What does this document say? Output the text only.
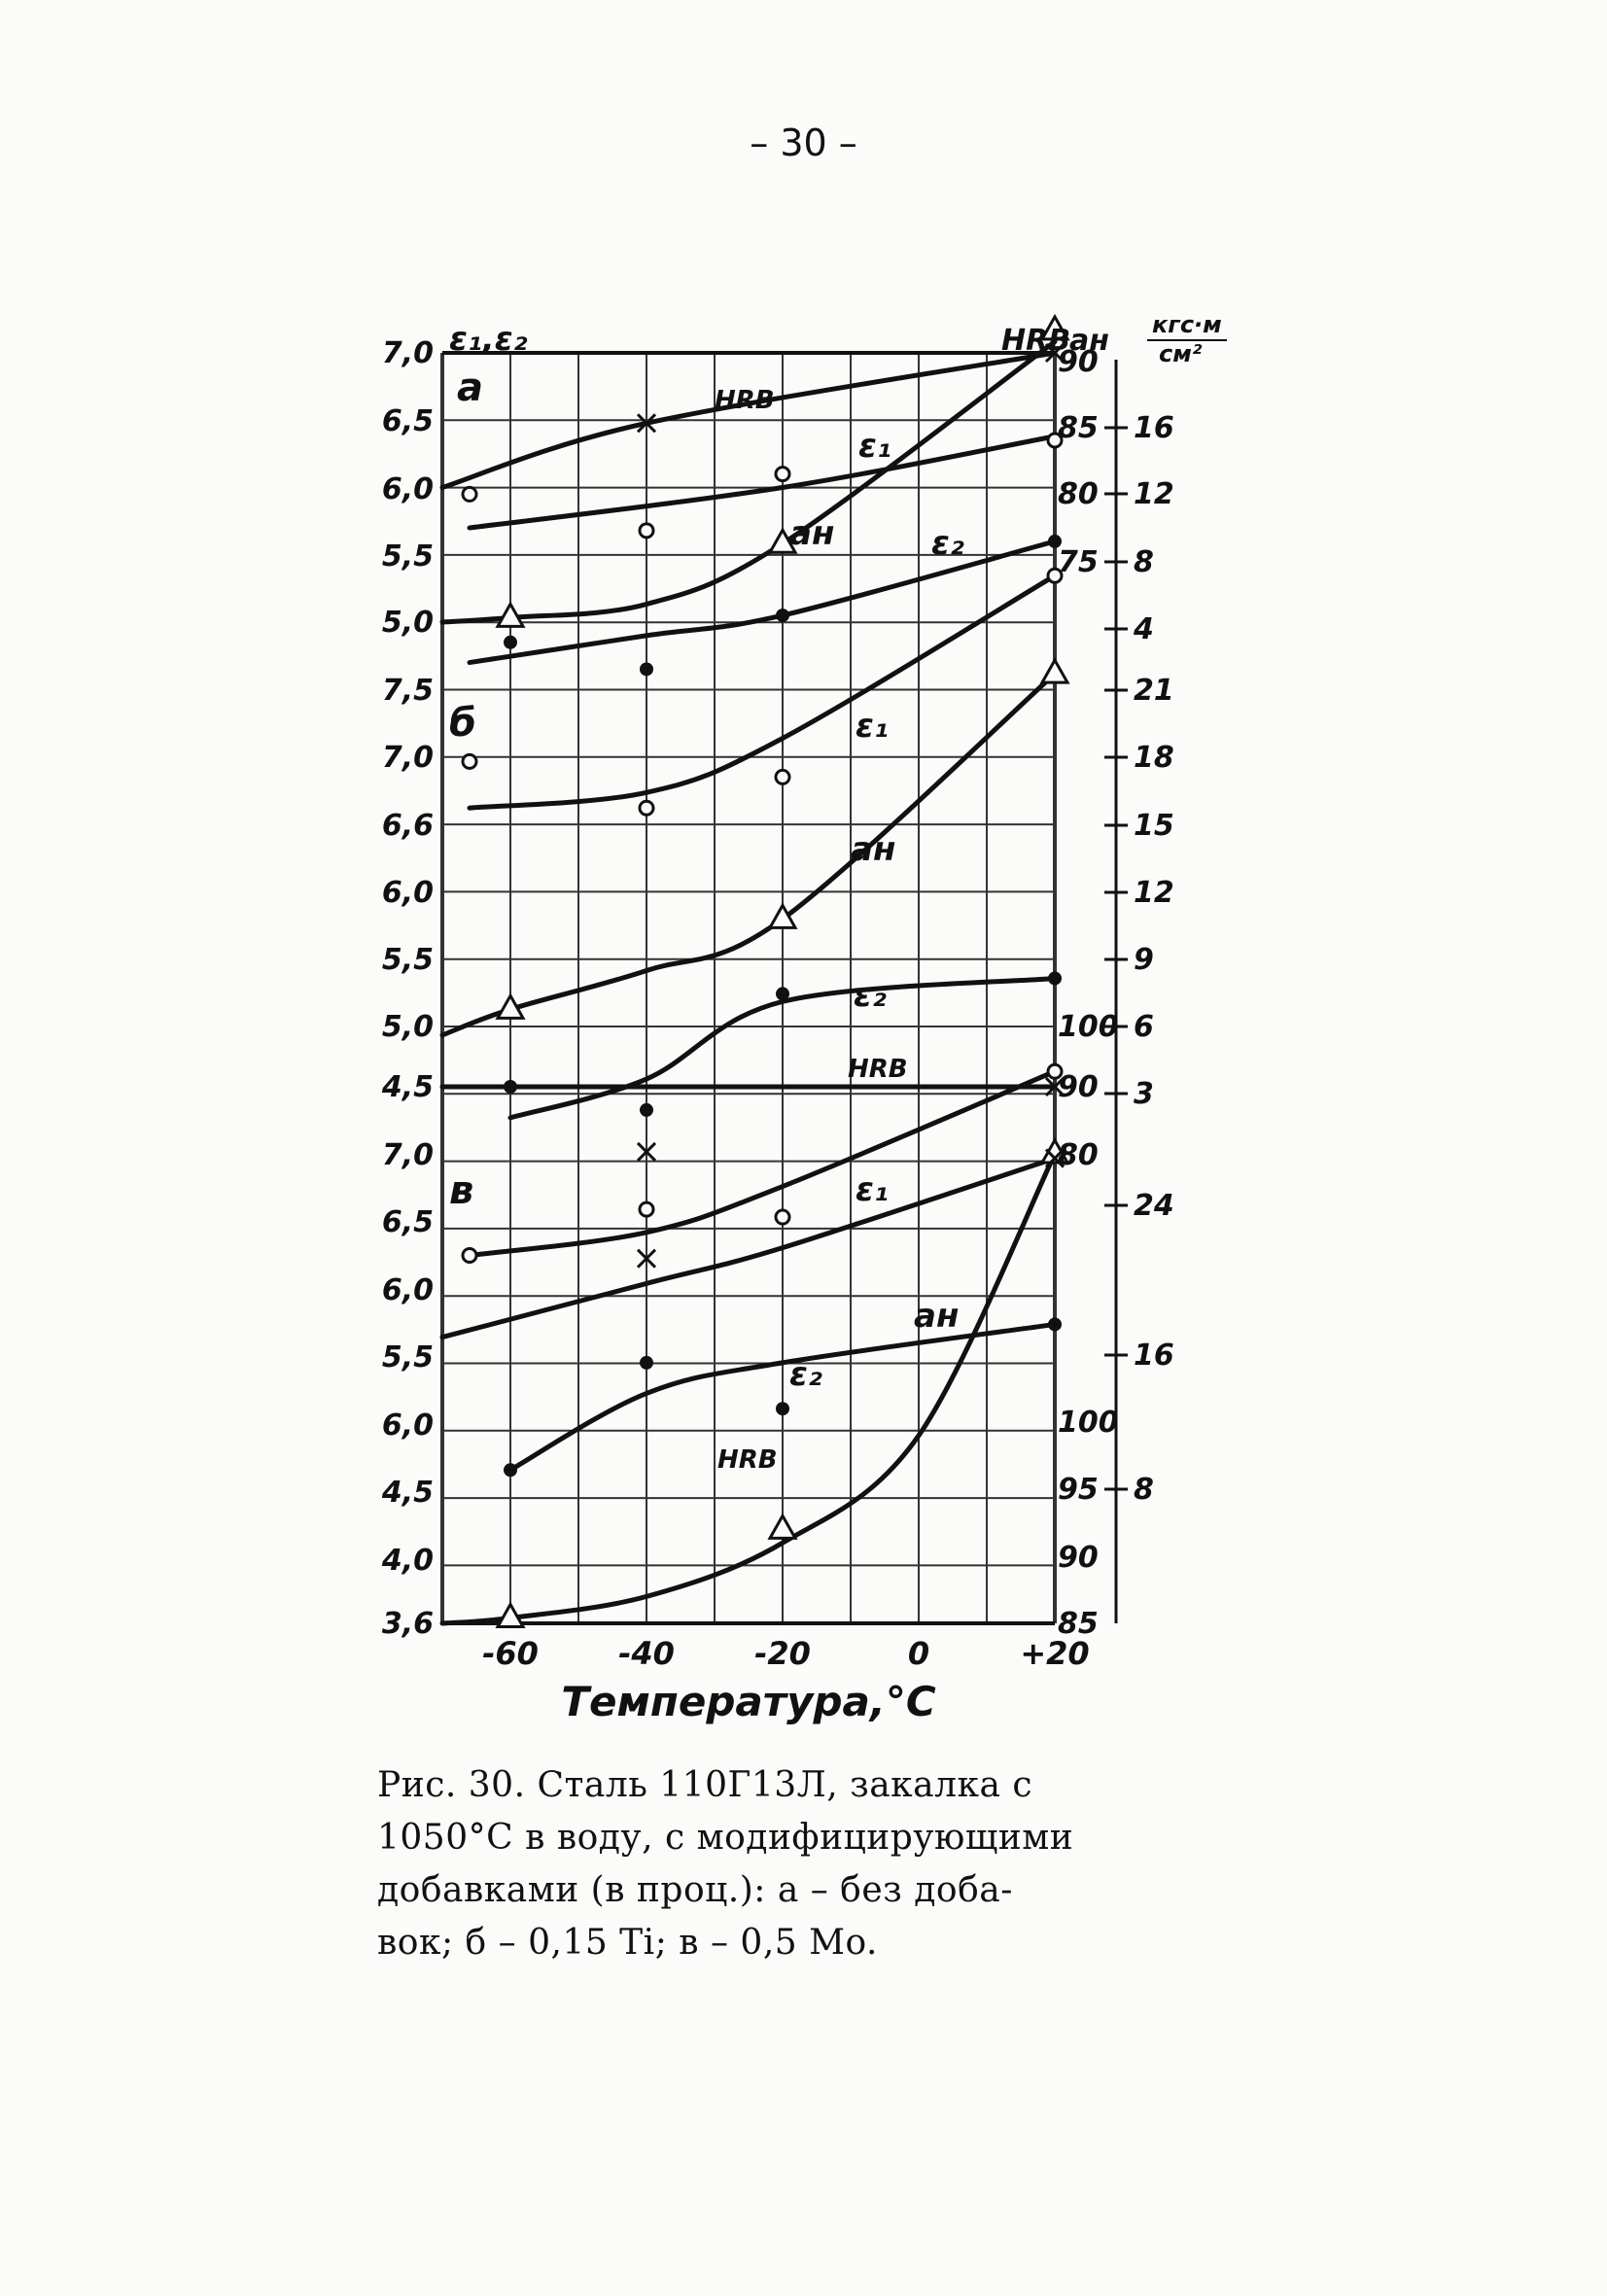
– 30 –
ε₁,ε₂	HRB
aн кгс·м
см²
-60	-40	-20	0	+20
Температура,°C
а
7,0
6,5
6,0
5,5
5,0
90
85
80
75
16
12
8
4
HRB
ε₁
aн	ε₂
б
7,5
7,0
6,6
6,0
5,5
5,0
4,5
100
90
21
18
15
12
9
6
3
ε₁
aн
ε₂
HRB
в
7,0
6,5
6,0
5,5
6,0
4,5
4,0
3,6
80
100
95
90
85
24
16
8
ε₁
aн
ε₂
HRB
Рис. 30. Сталь 110Г13Л, закалка с
1050°C в воду, с модифицирующими
добавками (в проц.): а – без доба-
вок; б – 0,15 Ti; в – 0,5 Mo.
